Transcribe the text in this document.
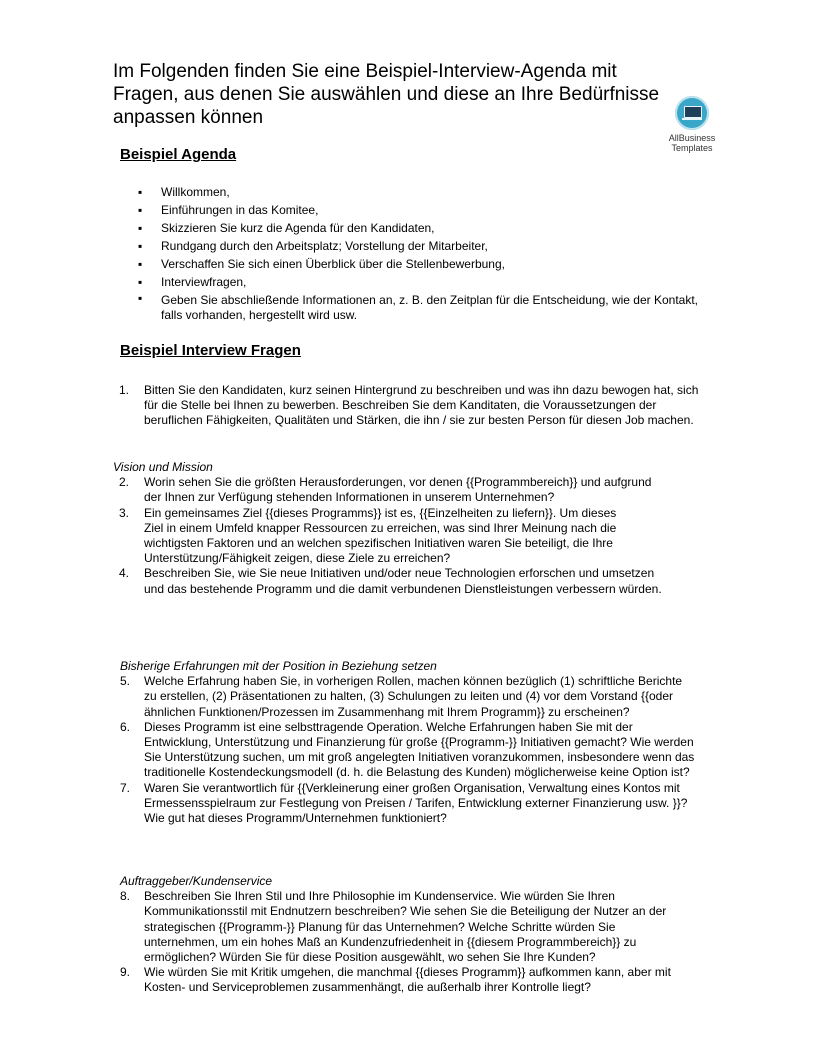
Im Folgenden finden Sie eine Beispiel-Interview-Agenda mit Fragen, aus denen Sie auswählen und diese an Ihre Bedürfnisse anpassen können
AllBusiness
Templates
Beispiel Agenda
▪ Willkommen,
▪ Einführungen in das Komitee,
▪ Skizzieren Sie kurz die Agenda für den Kandidaten,
▪ Rundgang durch den Arbeitsplatz; Vorstellung der Mitarbeiter,
▪ Verschaffen Sie sich einen Überblick über die Stellenbewerbung,
▪ Interviewfragen,
▪ Geben Sie abschließende Informationen an, z. B. den Zeitplan für die Entscheidung, wie der Kontakt, falls vorhanden, hergestellt wird usw.
Beispiel Interview Fragen
1. Bitten Sie den Kandidaten, kurz seinen Hintergrund zu beschreiben und was ihn dazu bewogen hat, sich für die Stelle bei Ihnen zu bewerben. Beschreiben Sie dem Kanditaten, die Voraussetzungen der beruflichen Fähigkeiten, Qualitäten und Stärken, die ihn / sie zur besten Person für diesen Job machen.
Vision und Mission
2. Worin sehen Sie die größten Herausforderungen, vor denen {{Programmbereich}} und aufgrund der Ihnen zur Verfügung stehenden Informationen in unserem Unternehmen?
3. Ein gemeinsames Ziel {{dieses Programms}} ist es, {{Einzelheiten zu liefern}}. Um dieses Ziel in einem Umfeld knapper Ressourcen zu erreichen, was sind Ihrer Meinung nach die wichtigsten Faktoren und an welchen spezifischen Initiativen waren Sie beteiligt, die Ihre Unterstützung/Fähigkeit zeigen, diese Ziele zu erreichen?
4. Beschreiben Sie, wie Sie neue Initiativen und/oder neue Technologien erforschen und umsetzen und das bestehende Programm und die damit verbundenen Dienstleistungen verbessern würden.
Bisherige Erfahrungen mit der Position in Beziehung setzen
5. Welche Erfahrung haben Sie, in vorherigen Rollen, machen können bezüglich (1) schriftliche Berichte zu erstellen, (2) Präsentationen zu halten, (3) Schulungen zu leiten und (4) vor dem Vorstand {{oder ähnlichen Funktionen/Prozessen im Zusammenhang mit Ihrem Programm}} zu erscheinen?
6. Dieses Programm ist eine selbsttragende Operation. Welche Erfahrungen haben Sie mit der Entwicklung, Unterstützung und Finanzierung für große {{Programm-}} Initiativen gemacht? Wie werden Sie Unterstützung suchen, um mit groß angelegten Initiativen voranzukommen, insbesondere wenn das traditionelle Kostendeckungsmodell (d. h. die Belastung des Kunden) möglicherweise keine Option ist?
7. Waren Sie verantwortlich für {{Verkleinerung einer großen Organisation, Verwaltung eines Kontos mit Ermessensspielraum zur Festlegung von Preisen / Tarifen, Entwicklung externer Finanzierung usw. }}? Wie gut hat dieses Programm/Unternehmen funktioniert?
Auftraggeber/Kundenservice
8. Beschreiben Sie Ihren Stil und Ihre Philosophie im Kundenservice. Wie würden Sie Ihren Kommunikationsstil mit Endnutzern beschreiben? Wie sehen Sie die Beteiligung der Nutzer an der strategischen {{Programm-}} Planung für das Unternehmen? Welche Schritte würden Sie unternehmen, um ein hohes Maß an Kundenzufriedenheit in {{diesem Programmbereich}} zu ermöglichen? Würden Sie für diese Position ausgewählt, wo sehen Sie Ihre Kunden?
9. Wie würden Sie mit Kritik umgehen, die manchmal {{dieses Programm}} aufkommen kann, aber mit Kosten- und Serviceproblemen zusammenhängt, die außerhalb ihrer Kontrolle liegt?
